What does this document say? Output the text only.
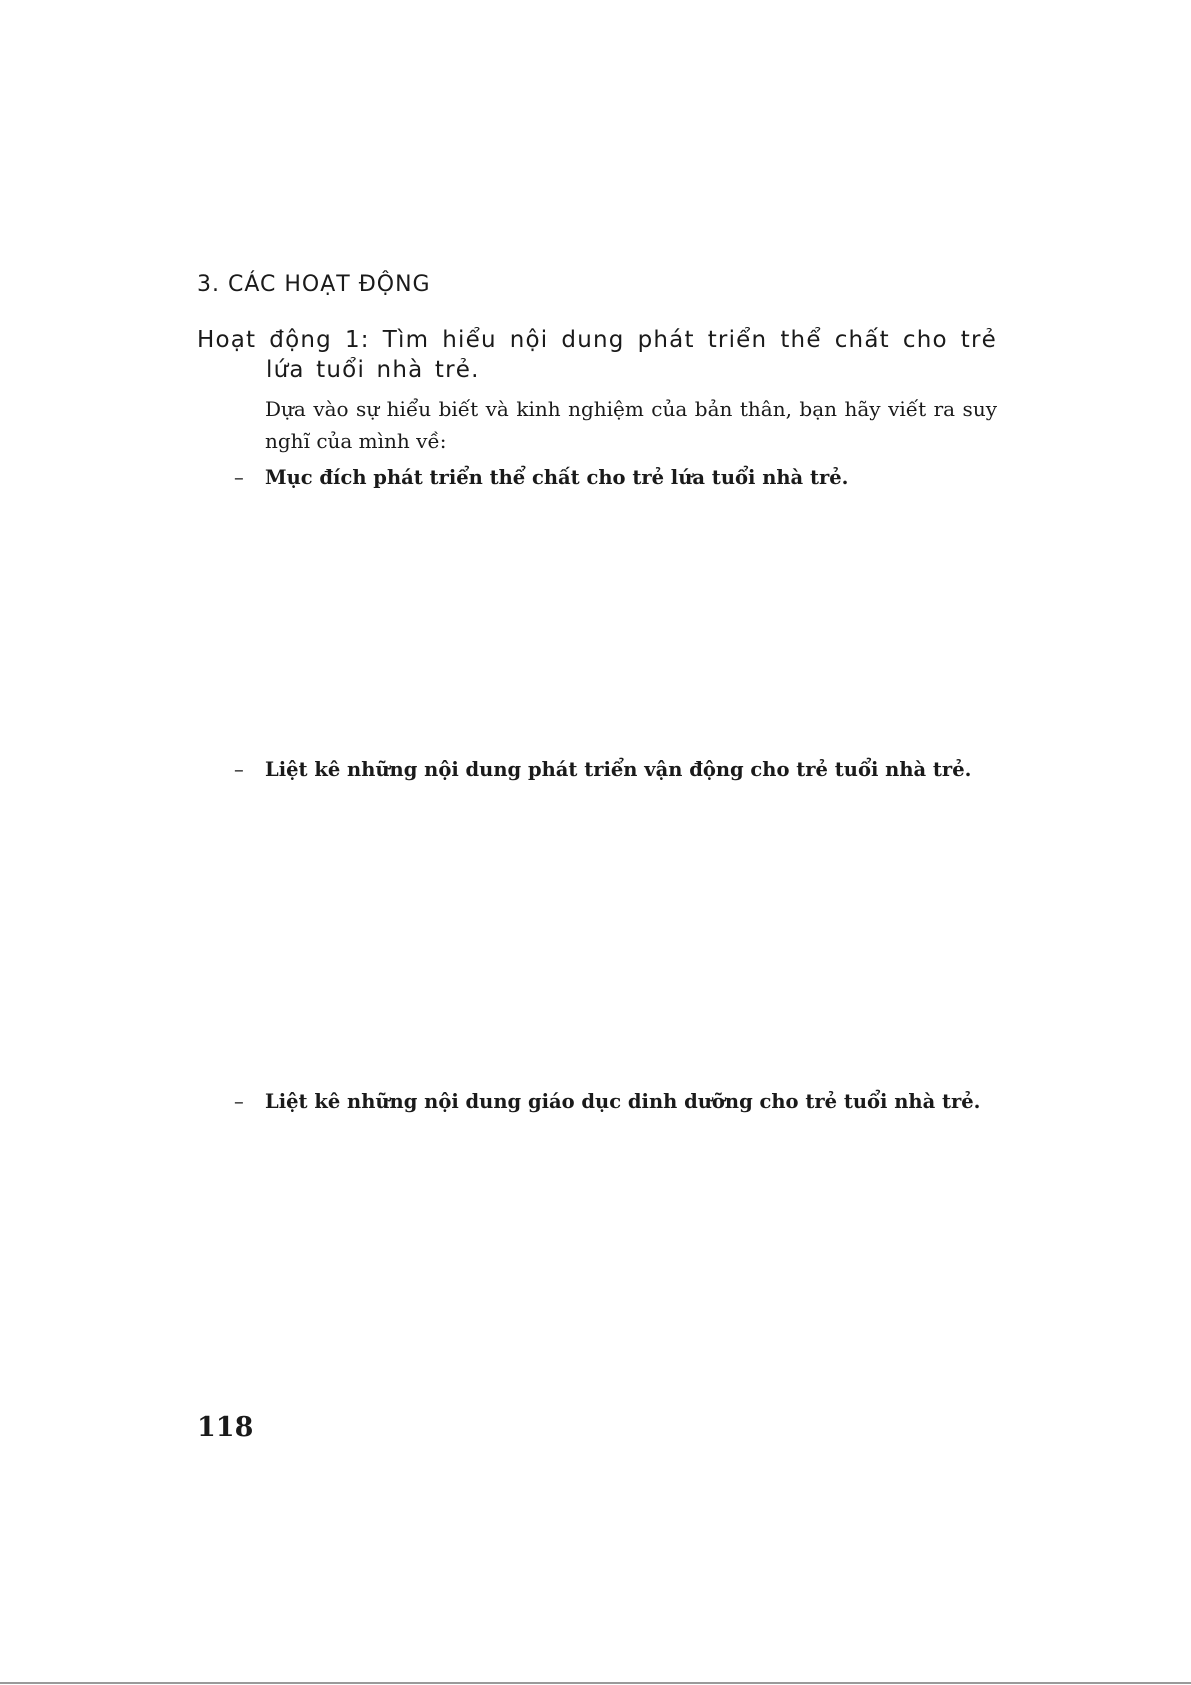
3. CÁC HOẠT ĐỘNG
Hoạt động 1: Tìm hiểu nội dung phát triển thể chất cho trẻ lứa tuổi nhà trẻ.
Dựa vào sự hiểu biết và kinh nghiệm của bản thân, bạn hãy viết ra suy nghĩ của mình về:
– Mục đích phát triển thể chất cho trẻ lứa tuổi nhà trẻ.
– Liệt kê những nội dung phát triển vận động cho trẻ tuổi nhà trẻ.
– Liệt kê những nội dung giáo dục dinh dưỡng cho trẻ tuổi nhà trẻ.
118
